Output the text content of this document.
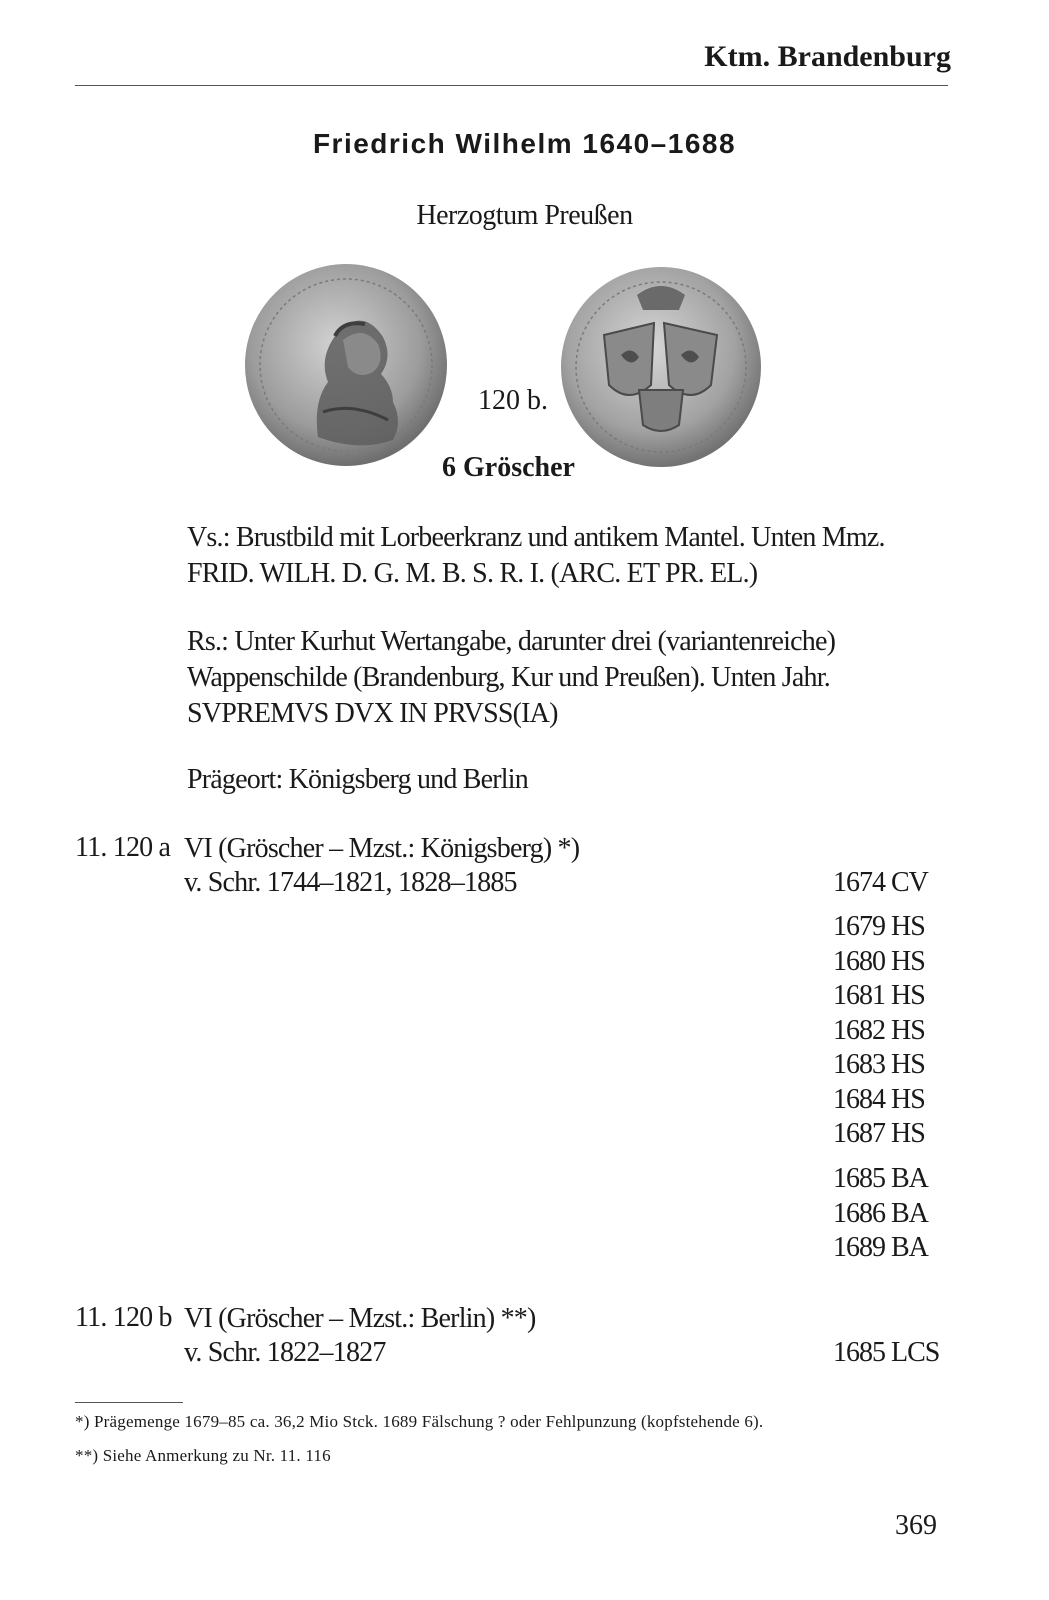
Ktm. Brandenburg
Friedrich Wilhelm 1640–1688
Herzogtum Preußen
120 b.
6 Gröscher
Vs.: Brustbild mit Lorbeerkranz und antikem Mantel. Unten Mmz.
FRID. WILH. D. G. M. B. S. R. I. (ARC. ET PR. EL.)
Rs.: Unter Kurhut Wertangabe, darunter drei (variantenreiche)
Wappenschilde (Brandenburg, Kur und Preußen). Unten Jahr.
SVPREMVS DVX IN PRVSS(IA)
Prägeort: Königsberg und Berlin
11. 120 a VI (Gröscher – Mzst.: Königsberg) *)
v. Schr. 1744–1821, 1828–1885	1674 CV
1679 HS
1680 HS
1681 HS
1682 HS
1683 HS
1684 HS
1687 HS
1685 BA
1686 BA
1689 BA
11. 120 b VI (Gröscher – Mzst.: Berlin) **)
v. Schr. 1822–1827	1685 LCS
*) Prägemenge 1679–85 ca. 36,2 Mio Stck. 1689 Fälschung ? oder Fehlpunzung (kopfstehende 6).
**) Siehe Anmerkung zu Nr. 11. 116
369
